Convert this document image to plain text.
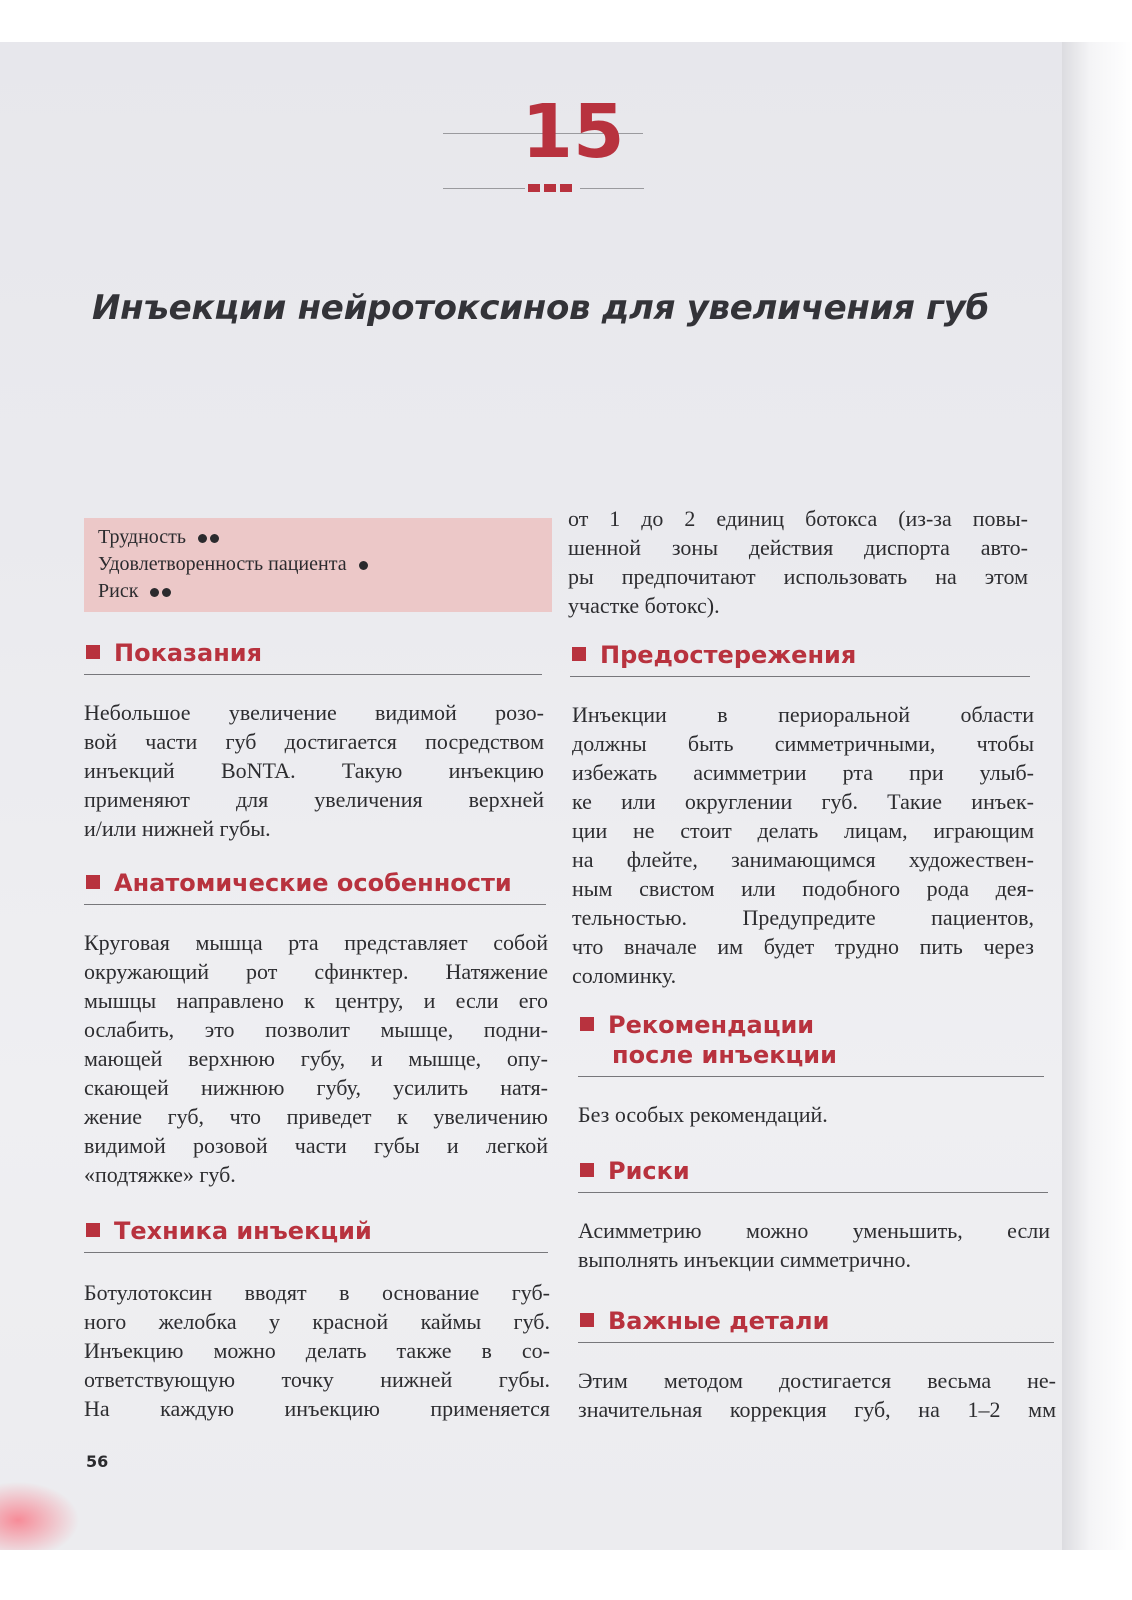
15
Инъекции нейротоксинов для увеличения губ
Трудность
Удовлетворенность пациента
Риск
Показания
Небольшое увеличение видимой розо-
вой части губ достигается посредством
инъекций BoNTA. Такую инъекцию
применяют для увеличения верхней
и/или нижней губы.
Анатомические особенности
Круговая мышца рта представляет собой
окружающий рот сфинктер. Натяжение
мышцы направлено к центру, и если его
ослабить, это позволит мышце, подни-
мающей верхнюю губу, и мышце, опу-
скающей нижнюю губу, усилить натя-
жение губ, что приведет к увеличению
видимой розовой части губы и легкой
«подтяжке» губ.
Техника инъекций
Ботулотоксин вводят в основание губ-
ного желобка у красной каймы губ.
Инъекцию можно делать также в со-
ответствующую точку нижней губы.
На каждую инъекцию применяется
от 1 до 2 единиц ботокса (из-за повы-
шенной зоны действия диспорта авто-
ры предпочитают использовать на этом
участке ботокс).
Предостережения
Инъекции в периоральной области
должны быть симметричными, чтобы
избежать асимметрии рта при улыб-
ке или округлении губ. Такие инъек-
ции не стоит делать лицам, играющим
на флейте, занимающимся художествен-
ным свистом или подобного рода дея-
тельностью. Предупредите пациентов,
что вначале им будет трудно пить через
соломинку.
Рекомендации
после инъекции
Без особых рекомендаций.
Риски
Асимметрию можно уменьшить, если
выполнять инъекции симметрично.
Важные детали
Этим методом достигается весьма не-
значительная коррекция губ, на 1–2 мм
56
